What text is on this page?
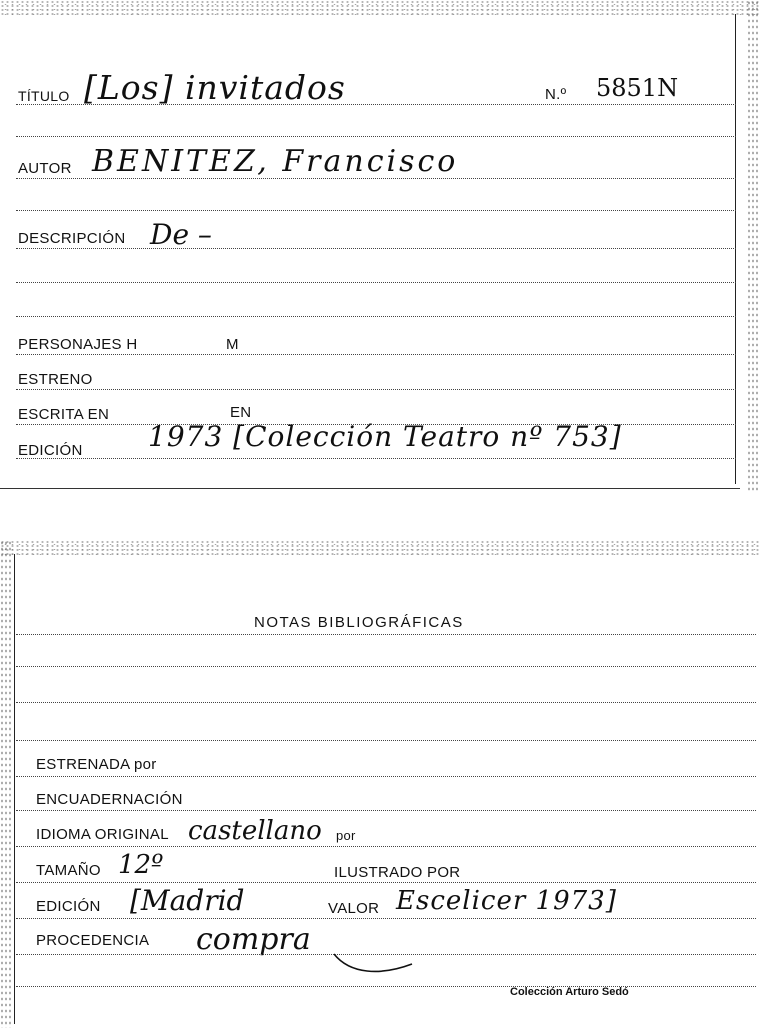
TÍTULO [Los] invitados	N.º 5851N
AUTOR BENITEZ, Francisco
DESCRIPCIÓN De –
PERSONAJES H	M
ESTRENO
ESCRITA EN	EN
EDICIÓN 1973 [Colección Teatro nº 753]
NOTAS BIBLIOGRÁFICAS
ESTRENADA por
ENCUADERNACIÓN
IDIOMA ORIGINAL castellano por
TAMAÑO 12º	ILUSTRADO POR
EDICIÓN [Madrid	VALOR Escelicer 1973]
PROCEDENCIA compra
Colección Arturo Sedó
